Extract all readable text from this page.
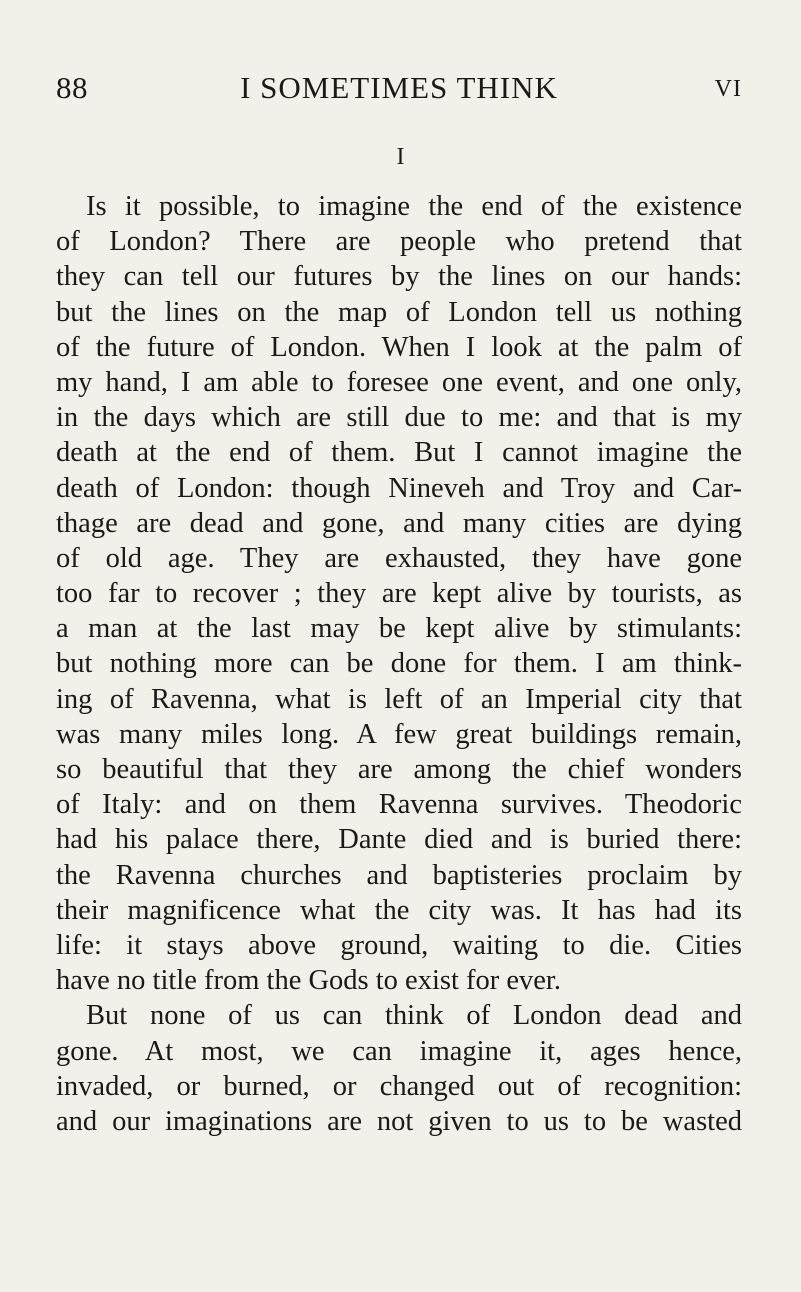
88	I SOMETIMES THINK	VI
I
Is it possible, to imagine the end of the existence
of London? There are people who pretend that
they can tell our futures by the lines on our hands:
but the lines on the map of London tell us nothing
of the future of London. When I look at the palm of
my hand, I am able to foresee one event, and one only,
in the days which are still due to me: and that is my
death at the end of them. But I cannot imagine the
death of London: though Nineveh and Troy and Car-
thage are dead and gone, and many cities are dying
of old age. They are exhausted, they have gone
too far to recover ; they are kept alive by tourists, as
a man at the last may be kept alive by stimulants:
but nothing more can be done for them. I am think-
ing of Ravenna, what is left of an Imperial city that
was many miles long. A few great buildings remain,
so beautiful that they are among the chief wonders
of Italy: and on them Ravenna survives. Theodoric
had his palace there, Dante died and is buried there:
the Ravenna churches and baptisteries proclaim by
their magnificence what the city was. It has had its
life: it stays above ground, waiting to die. Cities
have no title from the Gods to exist for ever.
But none of us can think of London dead and
gone. At most, we can imagine it, ages hence,
invaded, or burned, or changed out of recognition:
and our imaginations are not given to us to be wasted
